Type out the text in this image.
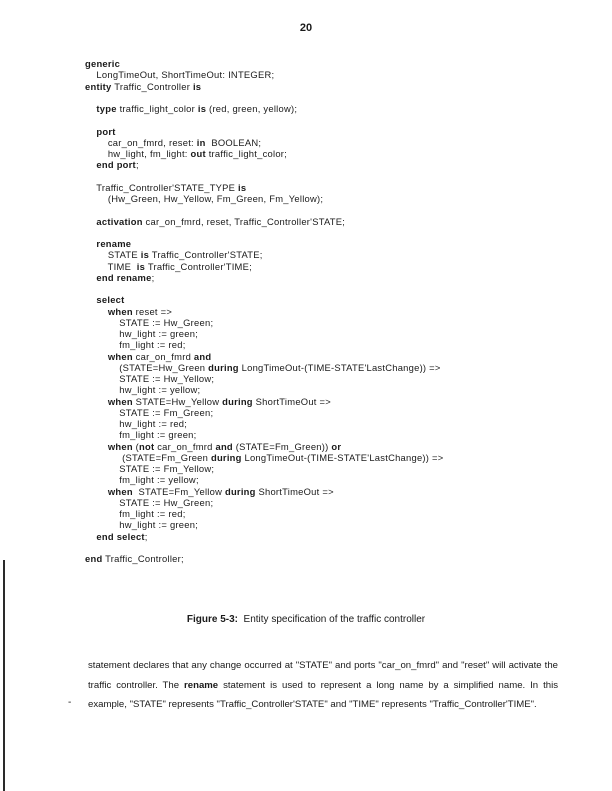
20
generic
LongTimeOut, ShortTimeOut: INTEGER;
entity Traffic_Controller is
type traffic_light_color is (red, green, yellow);
port
car_on_fmrd, reset: in BOOLEAN;
hw_light, fm_light: out traffic_light_color;
end port;
Traffic_Controller'STATE_TYPE is
(Hw_Green, Hw_Yellow, Fm_Green, Fm_Yellow);
activation car_on_fmrd, reset, Traffic_Controller'STATE;
rename
STATE is Traffic_Controller'STATE;
TIME is Traffic_Controller'TIME;
end rename;
select
when reset =>
STATE := Hw_Green;
hw_light := green;
fm_light := red;
when car_on_fmrd and
(STATE=Hw_Green during LongTimeOut-(TIME-STATE'LastChange)) =>
STATE := Hw_Yellow;
hw_light := yellow;
when STATE=Hw_Yellow during ShortTimeOut =>
STATE := Fm_Green;
hw_light := red;
fm_light := green;
when (not car_on_fmrd and (STATE=Fm_Green)) or
(STATE=Fm_Green during LongTimeOut-(TIME-STATE'LastChange)) =>
STATE := Fm_Yellow;
fm_light := yellow;
when STATE=Fm_Yellow during ShortTimeOut =>
STATE := Hw_Green;
fm_light := red;
hw_light := green;
end select;
end Traffic_Controller;
Figure 5-3: Entity specification of the traffic controller
-
statement declares that any change occurred at "STATE" and ports "car_on_fmrd" and "reset" will activate the traffic controller. The rename statement is used to represent a long name by a simplified name. In this example, "STATE" represents "Traffic_Controller'STATE" and "TIME" represents "Traffic_Controller'TIME".
